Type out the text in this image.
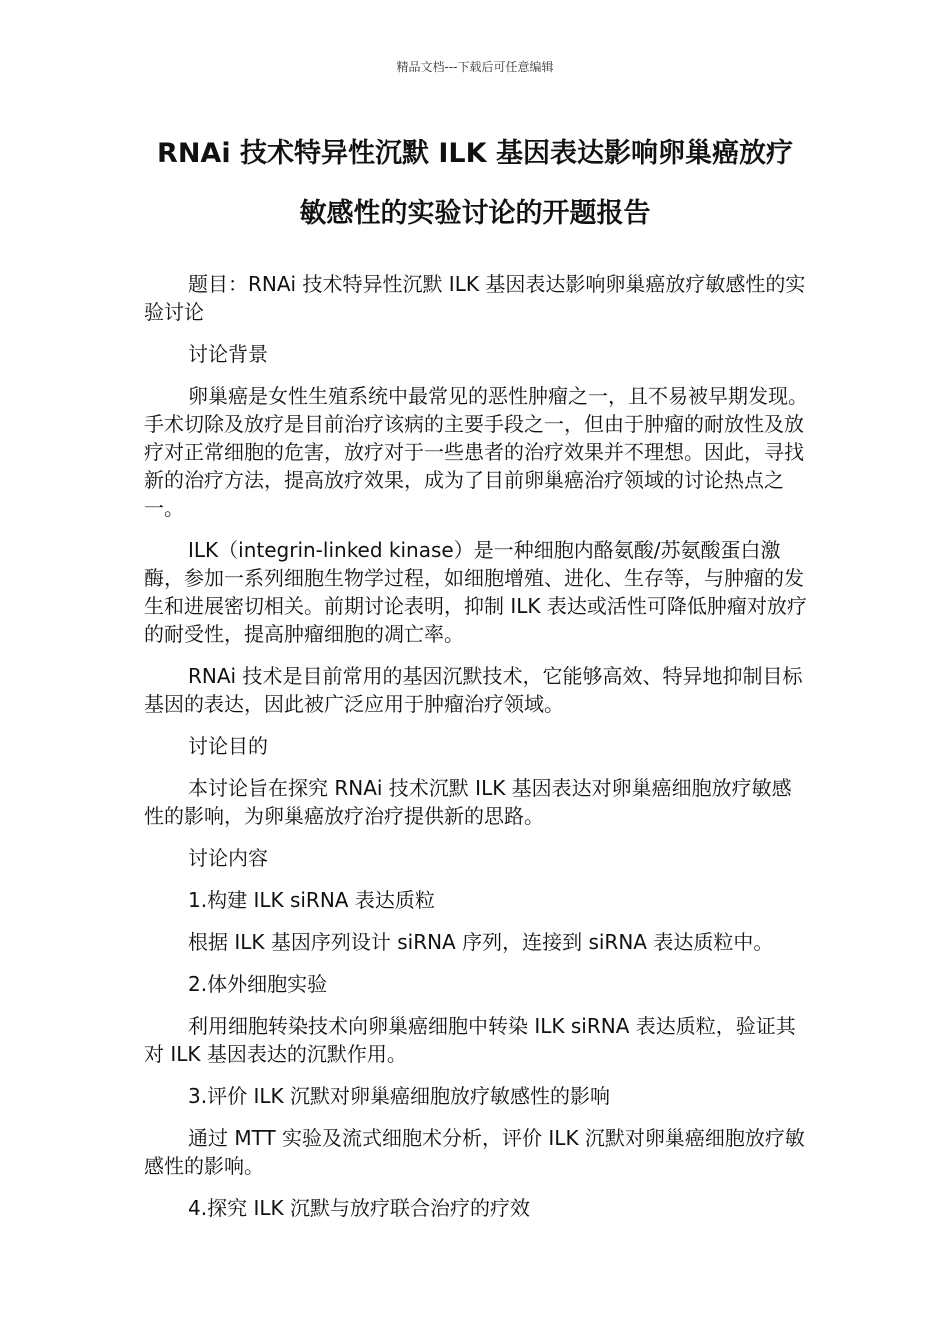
精品文档---下载后可任意编辑
RNAi 技术特异性沉默 ILK 基因表达影响卵巢癌放疗
敏感性的实验讨论的开题报告

题目：RNAi 技术特异性沉默 ILK 基因表达影响卵巢癌放疗敏感性的实验讨论

讨论背景

卵巢癌是女性生殖系统中最常见的恶性肿瘤之一，且不易被早期发现。手术切除及放疗是目前治疗该病的主要手段之一，但由于肿瘤的耐放性及放疗对正常细胞的危害，放疗对于一些患者的治疗效果并不理想。因此，寻找新的治疗方法，提高放疗效果，成为了目前卵巢癌治疗领域的讨论热点之一。

ILK（integrin-linked kinase）是一种细胞内酪氨酸/苏氨酸蛋白激酶，参加一系列细胞生物学过程，如细胞增殖、进化、生存等，与肿瘤的发生和进展密切相关。前期讨论表明，抑制 ILK 表达或活性可降低肿瘤对放疗的耐受性，提高肿瘤细胞的凋亡率。

RNAi 技术是目前常用的基因沉默技术，它能够高效、特异地抑制目标基因的表达，因此被广泛应用于肿瘤治疗领域。

讨论目的

本讨论旨在探究 RNAi 技术沉默 ILK 基因表达对卵巢癌细胞放疗敏感性的影响，为卵巢癌放疗治疗提供新的思路。

讨论内容

1.构建 ILK siRNA 表达质粒

根据 ILK 基因序列设计 siRNA 序列，连接到 siRNA 表达质粒中。

2.体外细胞实验

利用细胞转染技术向卵巢癌细胞中转染 ILK siRNA 表达质粒，验证其对 ILK 基因表达的沉默作用。

3.评价 ILK 沉默对卵巢癌细胞放疗敏感性的影响

通过 MTT 实验及流式细胞术分析，评价 ILK 沉默对卵巢癌细胞放疗敏感性的影响。

4.探究 ILK 沉默与放疗联合治疗的疗效
